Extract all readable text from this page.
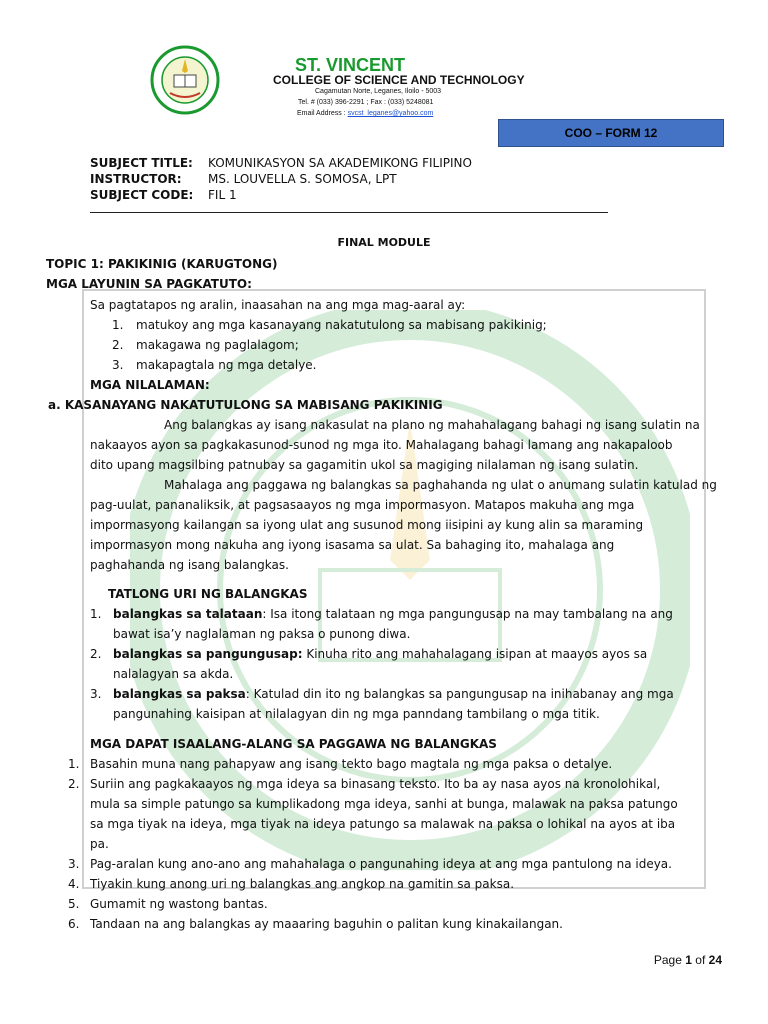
ST. VINCENT
COLLEGE OF SCIENCE AND TECHNOLOGY
Cagamutan Norte, Leganes, Iloilo - 5003
Tel. # (033) 396-2291 ; Fax : (033) 5248081
Email Address : svcst_leganes@yahoo.com
COO – FORM 12
SUBJECT TITLE: KOMUNIKASYON SA AKADEMIKONG FILIPINO
INSTRUCTOR: MS. LOUVELLA S. SOMOSA, LPT
SUBJECT CODE: FIL 1
FINAL MODULE
TOPIC 1: PAKIKINIG (KARUGTONG)
MGA LAYUNIN SA PAGKATUTO:
Sa pagtatapos ng aralin, inaasahan na ang mga mag-aaral ay:
1. matukoy ang mga kasanayang nakatutulong sa mabisang pakikinig;
2. makagawa ng paglalagom;
3. makapagtala ng mga detalye.
MGA NILALAMAN:
a. KASANAYANG NAKATUTULONG SA MABISANG PAKIKINIG
Ang balangkas ay isang nakasulat na plano ng mahahalagang bahagi ng isang sulatin na
nakaayos ayon sa pagkakasunod-sunod ng mga ito. Mahalagang bahagi lamang ang nakapaloob
dito upang magsilbing patnubay sa gagamitin ukol sa magiging nilalaman ng isang sulatin.
Mahalaga ang paggawa ng balangkas sa paghahanda ng ulat o anumang sulatin katulad ng
pag-uulat, pananaliksik, at pagsasaayos ng mga impormasyon. Matapos makuha ang mga
impormasyong kailangan sa iyong ulat ang susunod mong iisipini ay kung alin sa maraming
impormasyon mong nakuha ang iyong isasama sa ulat. Sa bahaging ito, mahalaga ang
paghahanda ng isang balangkas.
TATLONG URI NG BALANGKAS
1. balangkas sa talataan: Isa itong talataan ng mga pangungusap na may tambalang na ang
bawat isa’y naglalaman ng paksa o punong diwa.
2. balangkas sa pangungusap: Kinuha rito ang mahahalagang isipan at maayos ayos sa
nalalagyan sa akda.
3. balangkas sa paksa: Katulad din ito ng balangkas sa pangungusap na inihabanay ang mga
pangunahing kaisipan at nilalagyan din ng mga panndang tambilang o mga titik.
MGA DAPAT ISAALANG-ALANG SA PAGGAWA NG BALANGKAS
1. Basahin muna nang pahapyaw ang isang tekto bago magtala ng mga paksa o detalye.
2. Suriin ang pagkakaayos ng mga ideya sa binasang teksto. Ito ba ay nasa ayos na kronolohikal,
mula sa simple patungo sa kumplikadong mga ideya, sanhi at bunga, malawak na paksa patungo
sa mga tiyak na ideya, mga tiyak na ideya patungo sa malawak na paksa o lohikal na ayos at iba
pa.
3. Pag-aralan kung ano-ano ang mahahalaga o pangunahing ideya at ang mga pantulong na ideya.
4. Tiyakin kung anong uri ng balangkas ang angkop na gamitin sa paksa.
5. Gumamit ng wastong bantas.
6. Tandaan na ang balangkas ay maaaring baguhin o palitan kung kinakailangan.
Page 1 of 24
